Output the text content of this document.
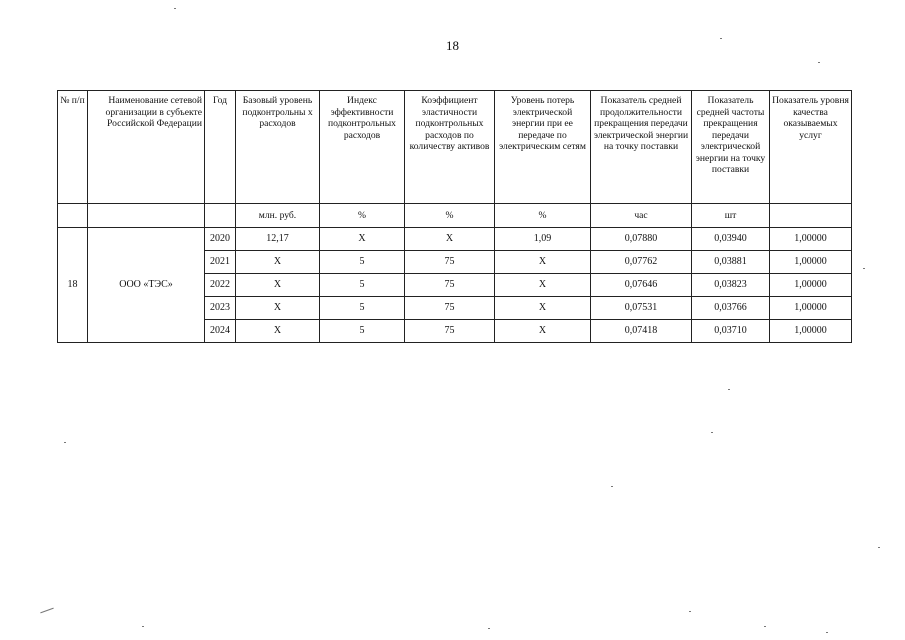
18
№ п/п	Наименование сетевой организации в субъекте Российской Федерации	Год	Базовый уровень подконтрольны х расходов	Индекс эффективности подконтрольных расходов	Коэффициент эластичности подконтрольных расходов по количеству активов	Уровень потерь электрической энергии при ее передаче по электрическим сетям	Показатель средней продолжительности прекращения передачи электрической энергии на точку поставки	Показатель средней частоты прекращения передачи электрической энергии на точку поставки	Показатель уровня качества оказываемых услуг
			млн. руб.	%	%	%	час	шт	
18	ООО «ТЭС»	2020	12,17	X	X	1,09	0,07880	0,03940	1,00000
		2021	X	5	75	X	0,07762	0,03881	1,00000
		2022	X	5	75	X	0,07646	0,03823	1,00000
		2023	X	5	75	X	0,07531	0,03766	1,00000
		2024	X	5	75	X	0,07418	0,03710	1,00000
